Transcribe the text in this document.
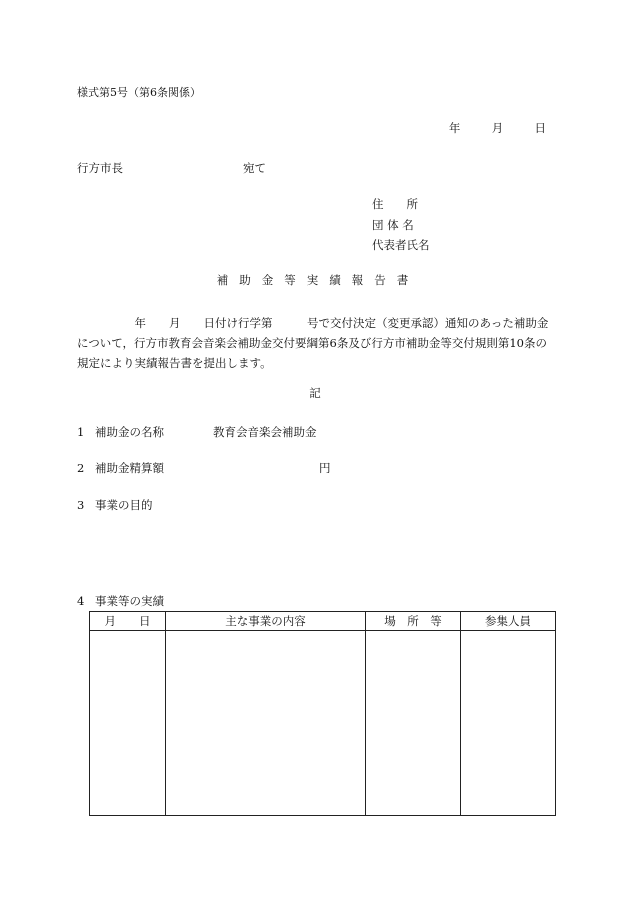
様式第5号（第6条関係）
年	月	日
行方市長	宛て
住　　所
団 体 名
代表者氏名
補助金等実績報告書

　　　　　年　　月　　日付け行学第　　　号で交付決定（変更承認）通知のあった補助金

について，行方市教育会音楽会補助金交付要綱第6条及び行方市補助金等交付規則第10条の

規定により実績報告書を提出します。

記
1 補助金の名称	教育会音楽会補助金
2 補助金精算額	円
3 事業の目的
4 事業等の実績
月　　日	主な事業の内容	場　所　等	参集人員
